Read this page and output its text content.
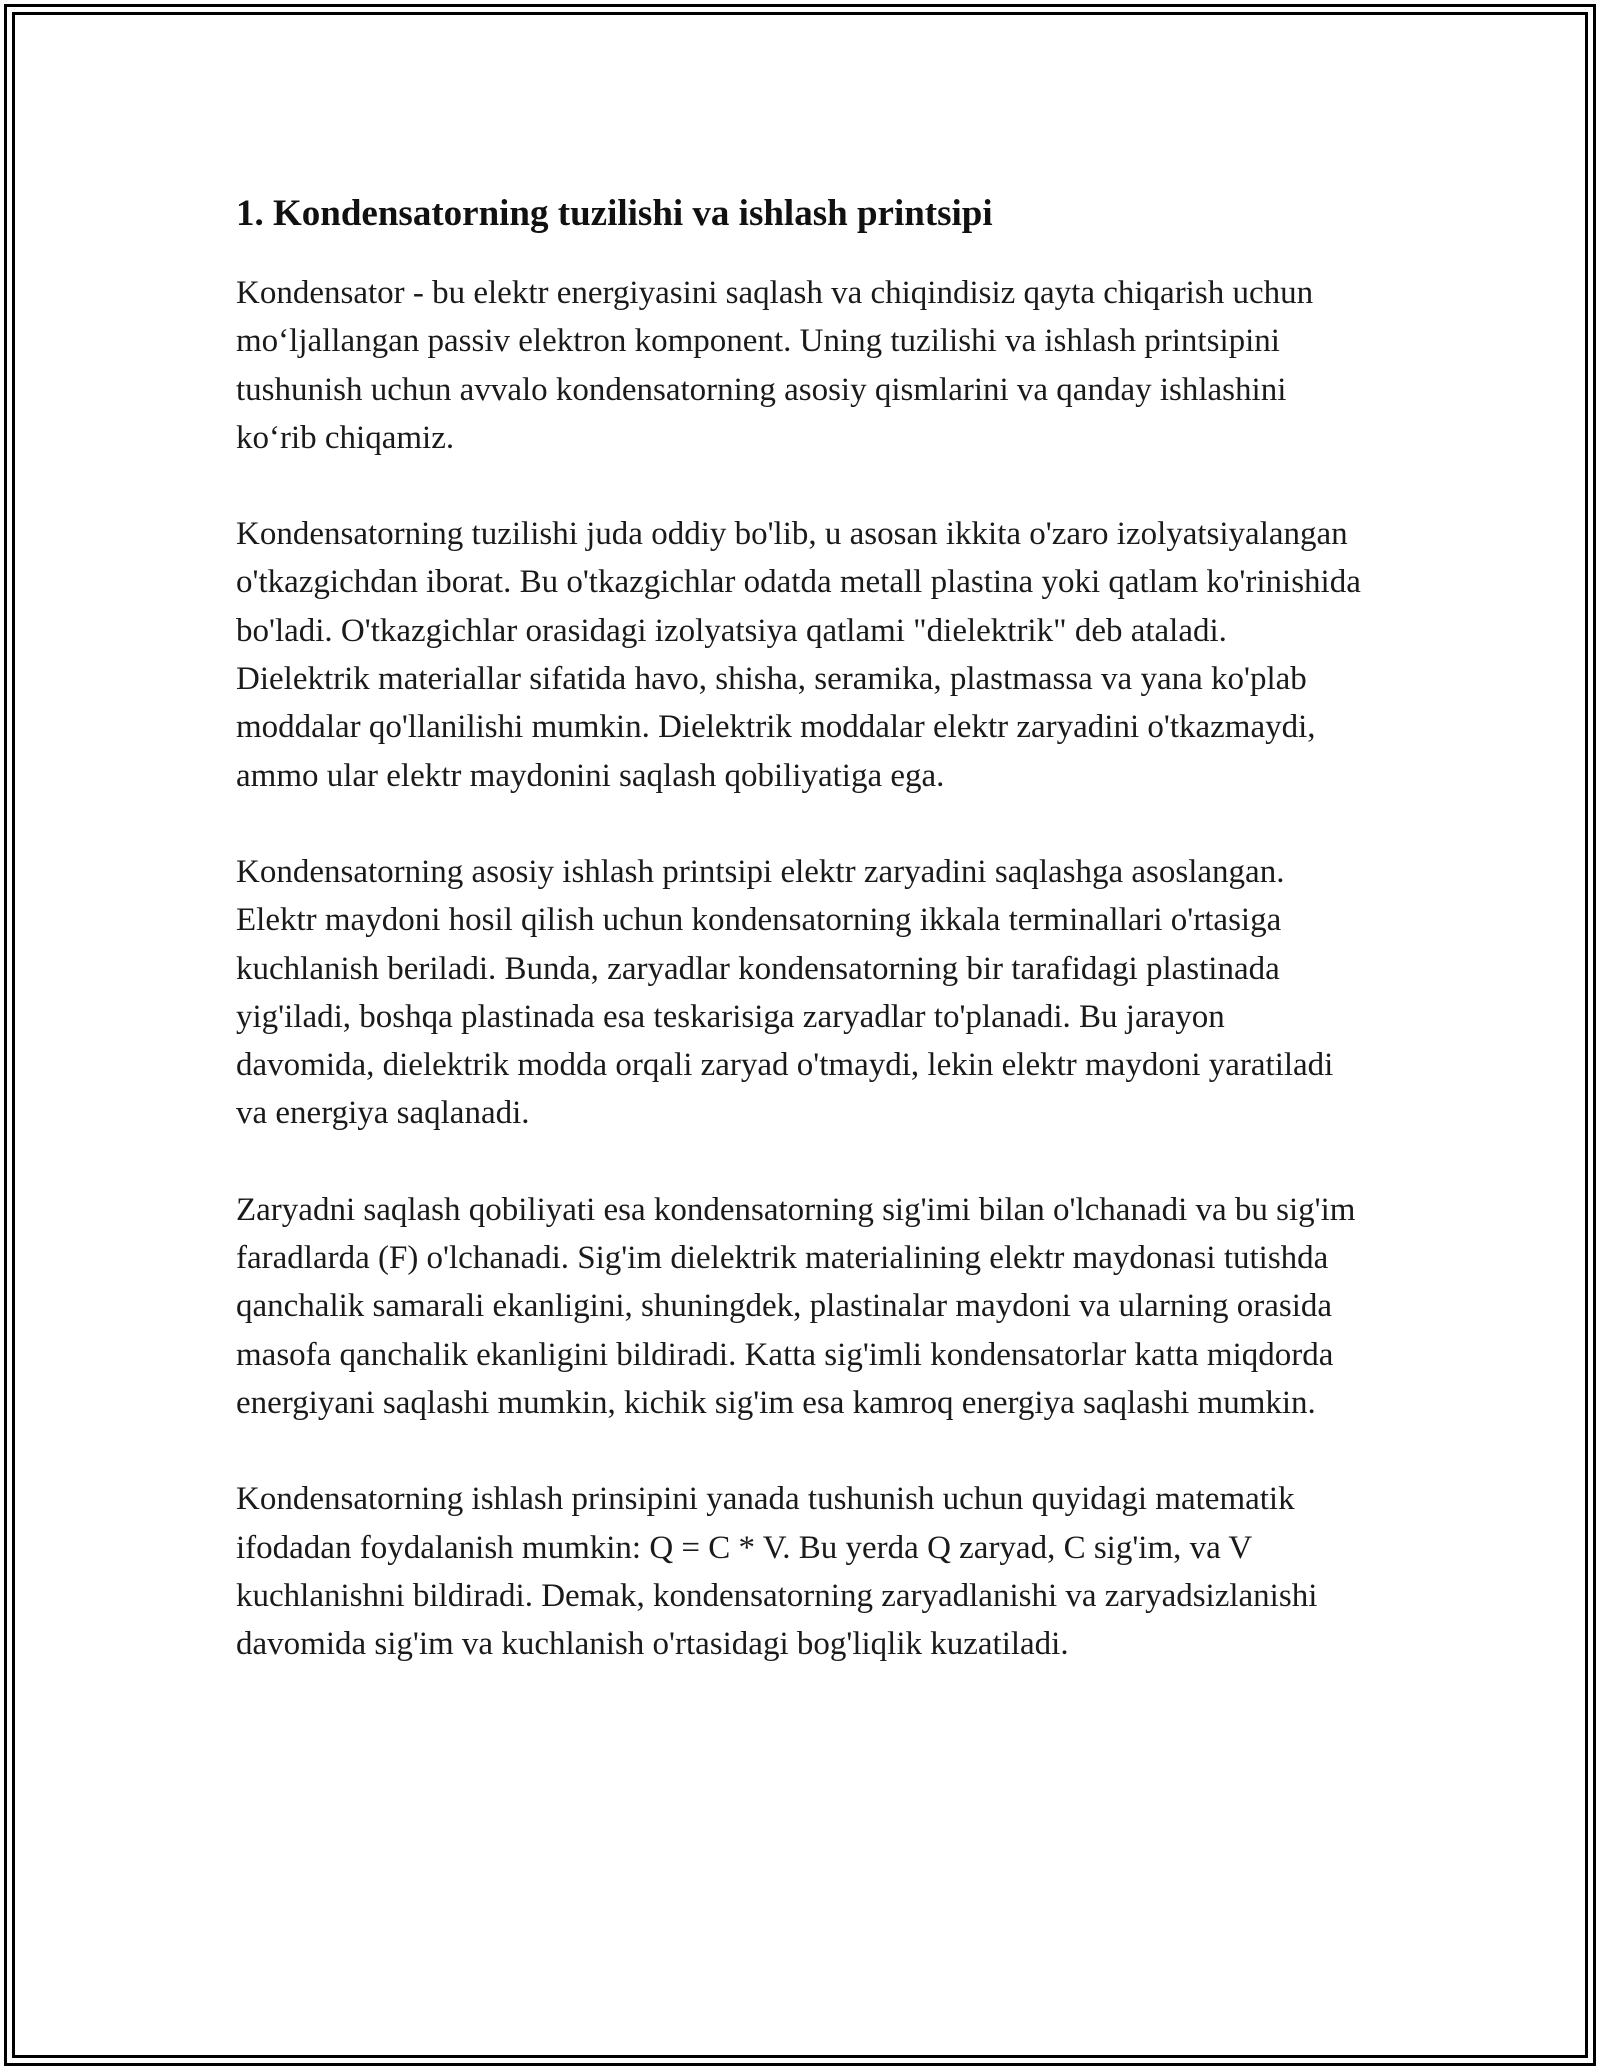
1. Kondensatorning tuzilishi va ishlash printsipi

Kondensator - bu elektr energiyasini saqlash va chiqindisiz qayta chiqarish uchun mo‘ljallangan passiv elektron komponent. Uning tuzilishi va ishlash printsipini tushunish uchun avvalo kondensatorning asosiy qismlarini va qanday ishlashini ko‘rib chiqamiz.

Kondensatorning tuzilishi juda oddiy bo'lib, u asosan ikkita o'zaro izolyatsiyalangan o'tkazgichdan iborat. Bu o'tkazgichlar odatda metall plastina yoki qatlam ko'rinishida bo'ladi. O'tkazgichlar orasidagi izolyatsiya qatlami "dielektrik" deb ataladi. Dielektrik materiallar sifatida havo, shisha, seramika, plastmassa va yana ko'plab moddalar qo'llanilishi mumkin. Dielektrik moddalar elektr zaryadini o'tkazmaydi, ammo ular elektr maydonini saqlash qobiliyatiga ega.

Kondensatorning asosiy ishlash printsipi elektr zaryadini saqlashga asoslangan. Elektr maydoni hosil qilish uchun kondensatorning ikkala terminallari o'rtasiga kuchlanish beriladi. Bunda, zaryadlar kondensatorning bir tarafidagi plastinada yig'iladi, boshqa plastinada esa teskarisiga zaryadlar to'planadi. Bu jarayon davomida, dielektrik modda orqali zaryad o'tmaydi, lekin elektr maydoni yaratiladi va energiya saqlanadi.

Zaryadni saqlash qobiliyati esa kondensatorning sig'imi bilan o'lchanadi va bu sig'im faradlarda (F) o'lchanadi. Sig'im dielektrik materialining elektr maydonasi tutishda qanchalik samarali ekanligini, shuningdek, plastinalar maydoni va ularning orasida masofa qanchalik ekanligini bildiradi. Katta sig'imli kondensatorlar katta miqdorda energiyani saqlashi mumkin, kichik sig'im esa kamroq energiya saqlashi mumkin.

Kondensatorning ishlash prinsipini yanada tushunish uchun quyidagi matematik ifodadan foydalanish mumkin: Q = C * V. Bu yerda Q zaryad, C sig'im, va V kuchlanishni bildiradi. Demak, kondensatorning zaryadlanishi va zaryadsizlanishi davomida sig'im va kuchlanish o'rtasidagi bog'liqlik kuzatiladi.
